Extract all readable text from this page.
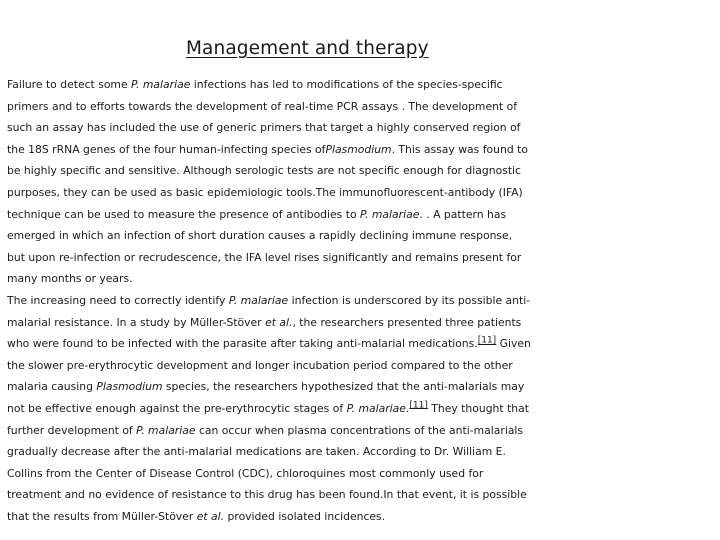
Management and therapy
Failure to detect some P. malariae infections has led to modifications of the species-specific
primers and to efforts towards the development of real-time PCR assays . The development of
such an assay has included the use of generic primers that target a highly conserved region of
the 18S rRNA genes of the four human-infecting species ofPlasmodium. This assay was found to
be highly specific and sensitive. Although serologic tests are not specific enough for diagnostic
purposes, they can be used as basic epidemiologic tools.The immunofluorescent-antibody (IFA)
technique can be used to measure the presence of antibodies to P. malariae. . A pattern has
emerged in which an infection of short duration causes a rapidly declining immune response,
but upon re-infection or recrudescence, the IFA level rises significantly and remains present for
many months or years.
The increasing need to correctly identify P. malariae infection is underscored by its possible anti-
malarial resistance. In a study by Müller-Stöver et al., the researchers presented three patients
who were found to be infected with the parasite after taking anti-malarial medications.[11] Given
the slower pre-erythrocytic development and longer incubation period compared to the other
malaria causing Plasmodium species, the researchers hypothesized that the anti-malarials may
not be effective enough against the pre-erythrocytic stages of P. malariae.[11] They thought that
further development of P. malariae can occur when plasma concentrations of the anti-malarials
gradually decrease after the anti-malarial medications are taken. According to Dr. William E.
Collins from the Center of Disease Control (CDC), chloroquines most commonly used for
treatment and no evidence of resistance to this drug has been found.In that event, it is possible
that the results from Müller-Stöver et al. provided isolated incidences.
